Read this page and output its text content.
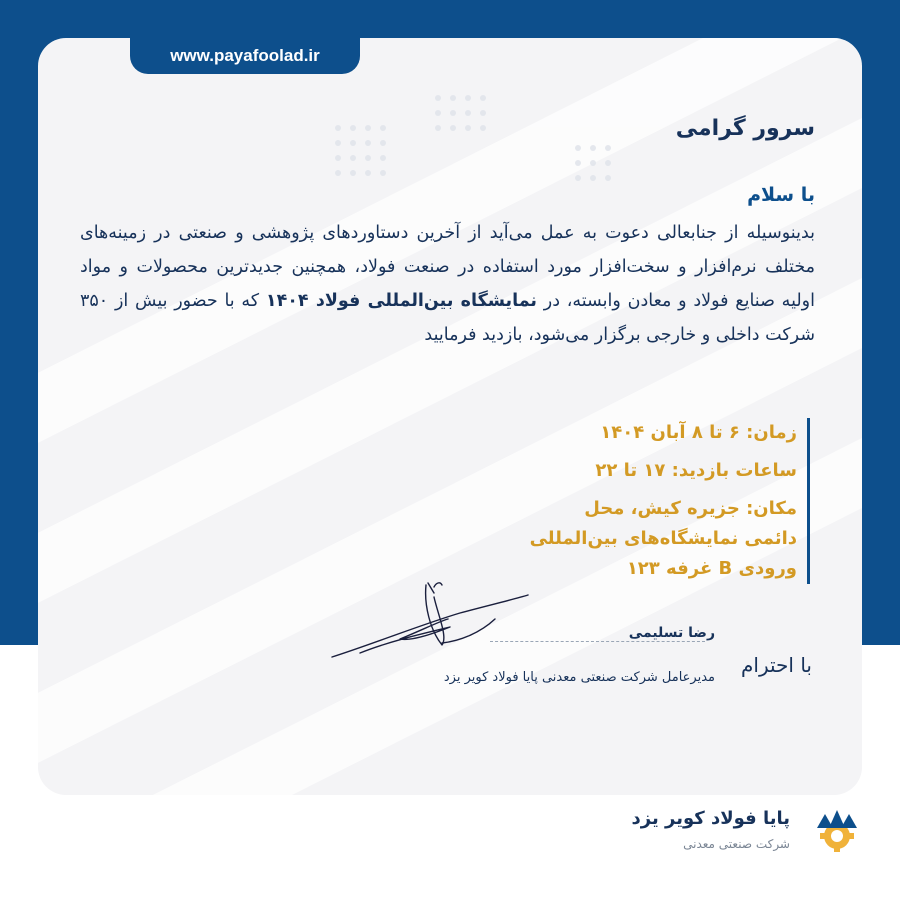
www.payafoolad.ir
سرور گرامی
با سلام
بدینوسیله از جنابعالی دعوت به عمل می‌آید از آخرین دستاوردهای پژوهشی و صنعتی در زمینه‌های مختلف نرم‌افزار و سخت‌افزار مورد استفاده در صنعت فولاد، همچنین جدیدترین محصولات و مواد اولیه صنایع فولاد و معادن وابسته، در نمایشگاه بین‌المللی فولاد ۱۴۰۴ که با حضور بیش از ۳۵۰ شرکت داخلی و خارجی برگزار می‌شود، بازدید فرمایید
زمان: ۶ تا ۸ آبان ۱۴۰۴
ساعات بازدید: ۱۷ تا ۲۲
مکان: جزیره کیش، محل
دائمی نمایشگاه‌های بین‌المللی
ورودی B غرفه ۱۲۳
رضا تسلیمی
مدیرعامل شرکت صنعتی معدنی پایا فولاد کویر یزد
با احترام
پایا فولاد کویر یزد
شرکت صنعتی معدنی
